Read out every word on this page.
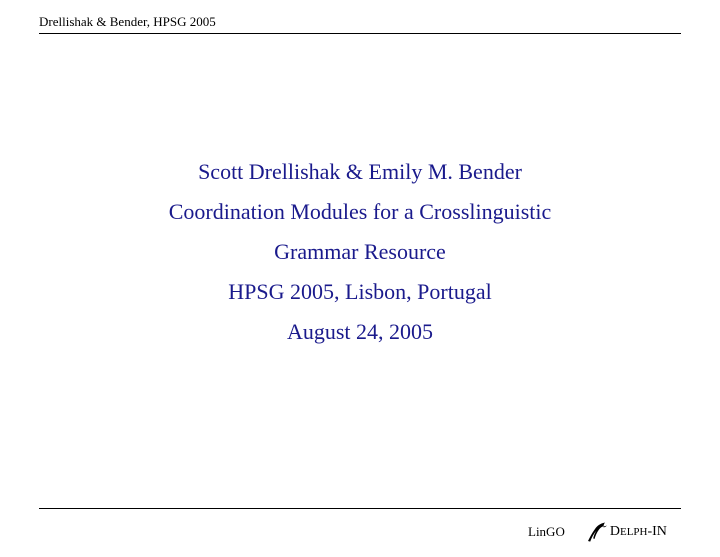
Drellishak & Bender, HPSG 2005
Scott Drellishak & Emily M. Bender
Coordination Modules for a Crosslinguistic
Grammar Resource
HPSG 2005, Lisbon, Portugal
August 24, 2005
LinGO	DELPH-IN
